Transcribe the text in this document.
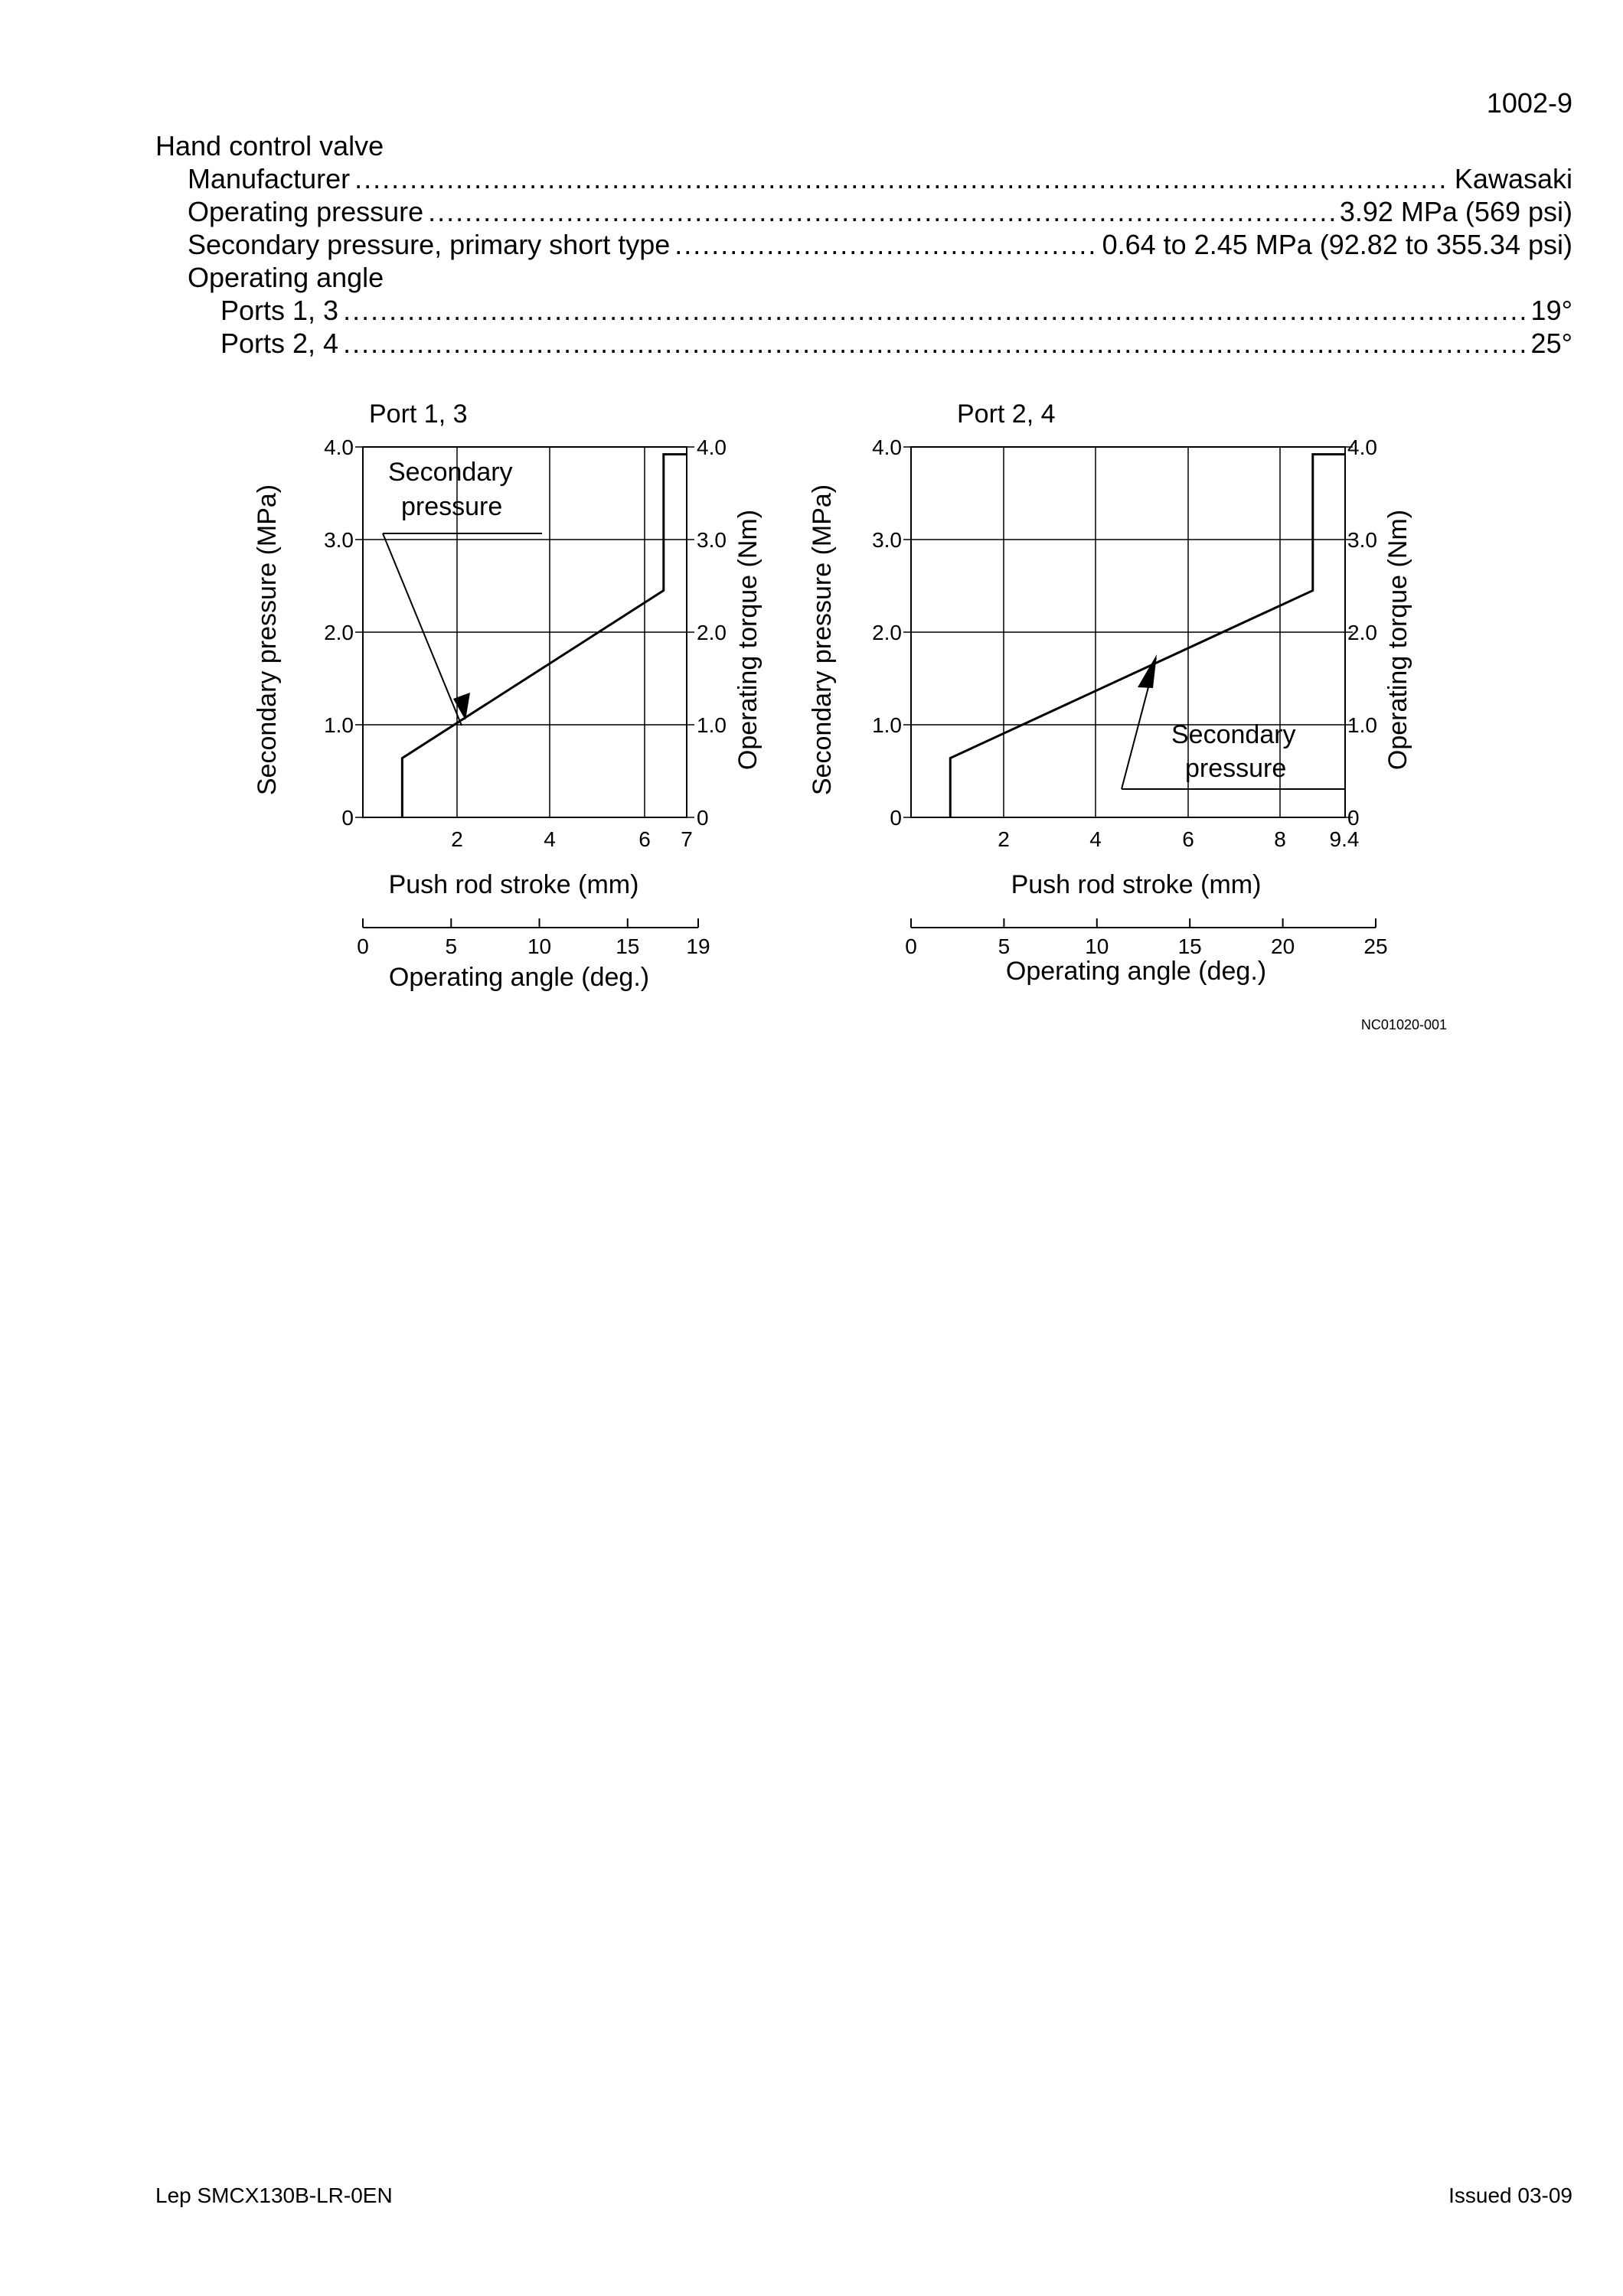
1002-9
Hand control valve
Manufacturer .....	Kawasaki
Operating pressure .....	3.92 MPa (569 psi)
Secondary pressure, primary short type .....	0.64 to 2.45 MPa (92.82 to 355.34 psi)
Operating angle
Ports 1, 3 .....	19°
Ports 2, 4 .....	25°
Port 1, 3
0
1.0
2.0
3.0
4.0
0
1.0
2.0
3.0
4.0
2	4	6 7
Secondary pressure (MPa)	Operating torque (Nm)
Push rod stroke (mm)
0	5	10	15 19
Operating angle (deg.)
Secondary
pressure
Port 2, 4
0
1.0
2.0
3.0
4.0
0
1.0
2.0
3.0
4.0
2	4	6	8 9.4
Secondary pressure (MPa)	Operating torque (Nm)
Push rod stroke (mm)
0	5	10	15	20	25
Operating angle (deg.)
Secondary
pressure
NC01020-001
Lep SMCX130B-LR-0EN	Issued 03-09
